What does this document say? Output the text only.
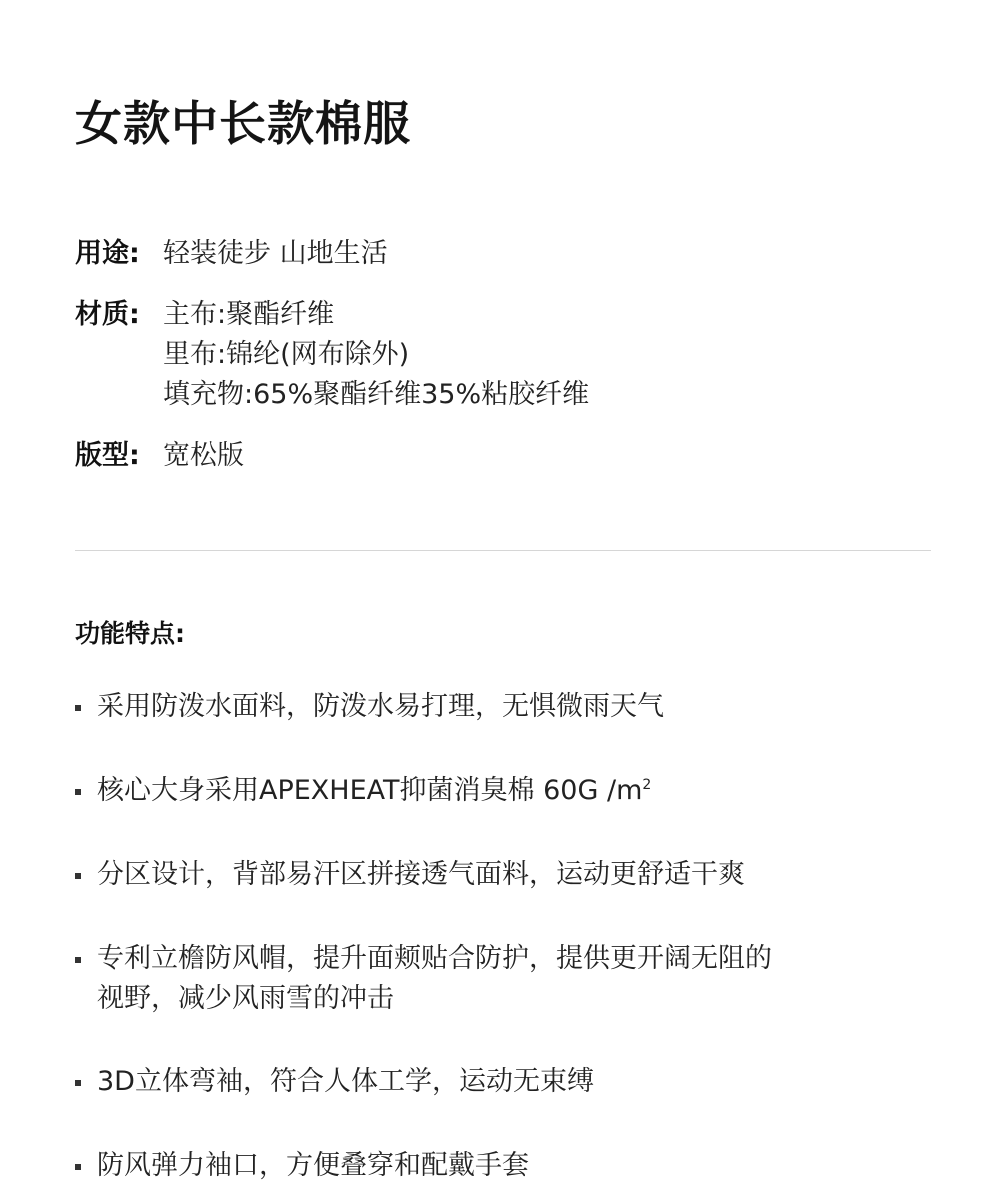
女款中长款棉服
用途: 轻装徒步 山地生活
材质: 主布:聚酯纤维
里布:锦纶(网布除外)
填充物:65%聚酯纤维35%粘胶纤维
版型: 宽松版
功能特点:
采用防泼水面料，防泼水易打理，无惧微雨天气
核心大身采用APEXHEAT抑菌消臭棉 60G $/m^2$
分区设计，背部易汗区拼接透气面料，运动更舒适干爽
专利立檐防风帽，提升面颊贴合防护，提供更开阔无阻的
视野，减少风雨雪的冲击
3D立体弯袖，符合人体工学，运动无束缚
防风弹力袖口，方便叠穿和配戴手套
